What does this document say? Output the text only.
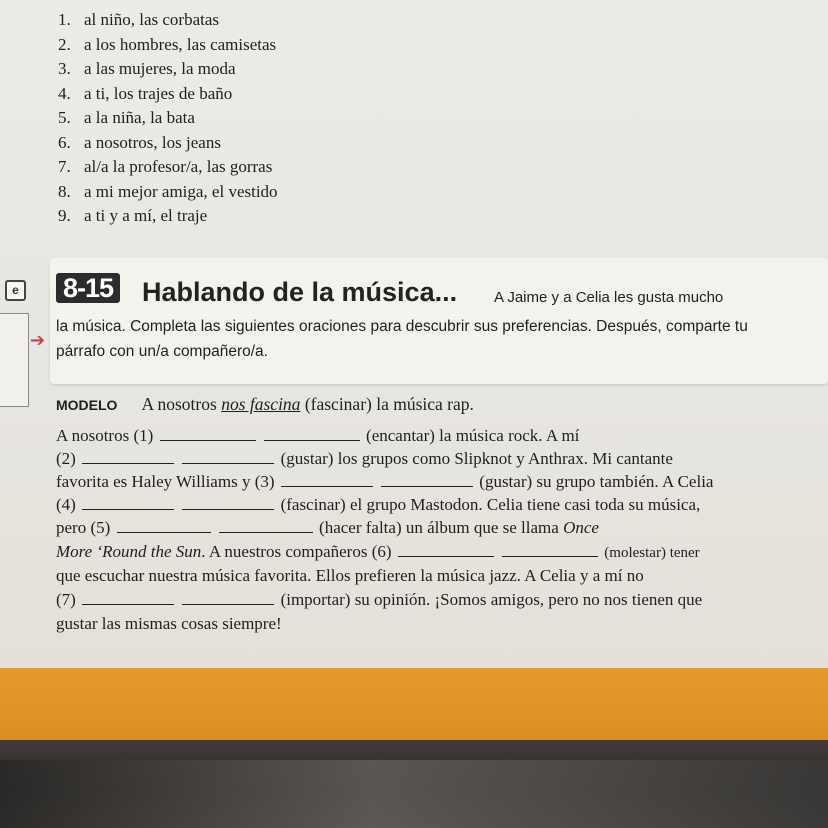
1. al niño, las corbatas
2. a los hombres, las camisetas
3. a las mujeres, la moda
4. a ti, los trajes de baño
5. a la niña, la bata
6. a nosotros, los jeans
7. al/a la profesor/a, las gorras
8. a mi mejor amiga, el vestido
9. a ti y a mí, el traje
e
➔
8-15 Hablando de la música... A Jaime y a Celia les gusta mucho
la música. Completa las siguientes oraciones para descubrir sus preferencias. Después, comparte tu párrafo con un/a compañero/a.
MODELO A nosotros nos fascina (fascinar) la música rap.
A nosotros (1)	(encantar) la música rock. A mí
(2)	(gustar) los grupos como Slipknot y Anthrax. Mi cantante
favorita es Haley Williams y (3)	(gustar) su grupo también. A Celia
(4)	(fascinar) el grupo Mastodon. Celia tiene casi toda su música,
pero (5)	(hacer falta) un álbum que se llama Once
More ‘Round the Sun. A nuestros compañeros (6)	(molestar) tener
que escuchar nuestra música favorita. Ellos prefieren la música jazz. A Celia y a mí no
(7)	(importar) su opinión. ¡Somos amigos, pero no nos tienen que
gustar las mismas cosas siempre!
